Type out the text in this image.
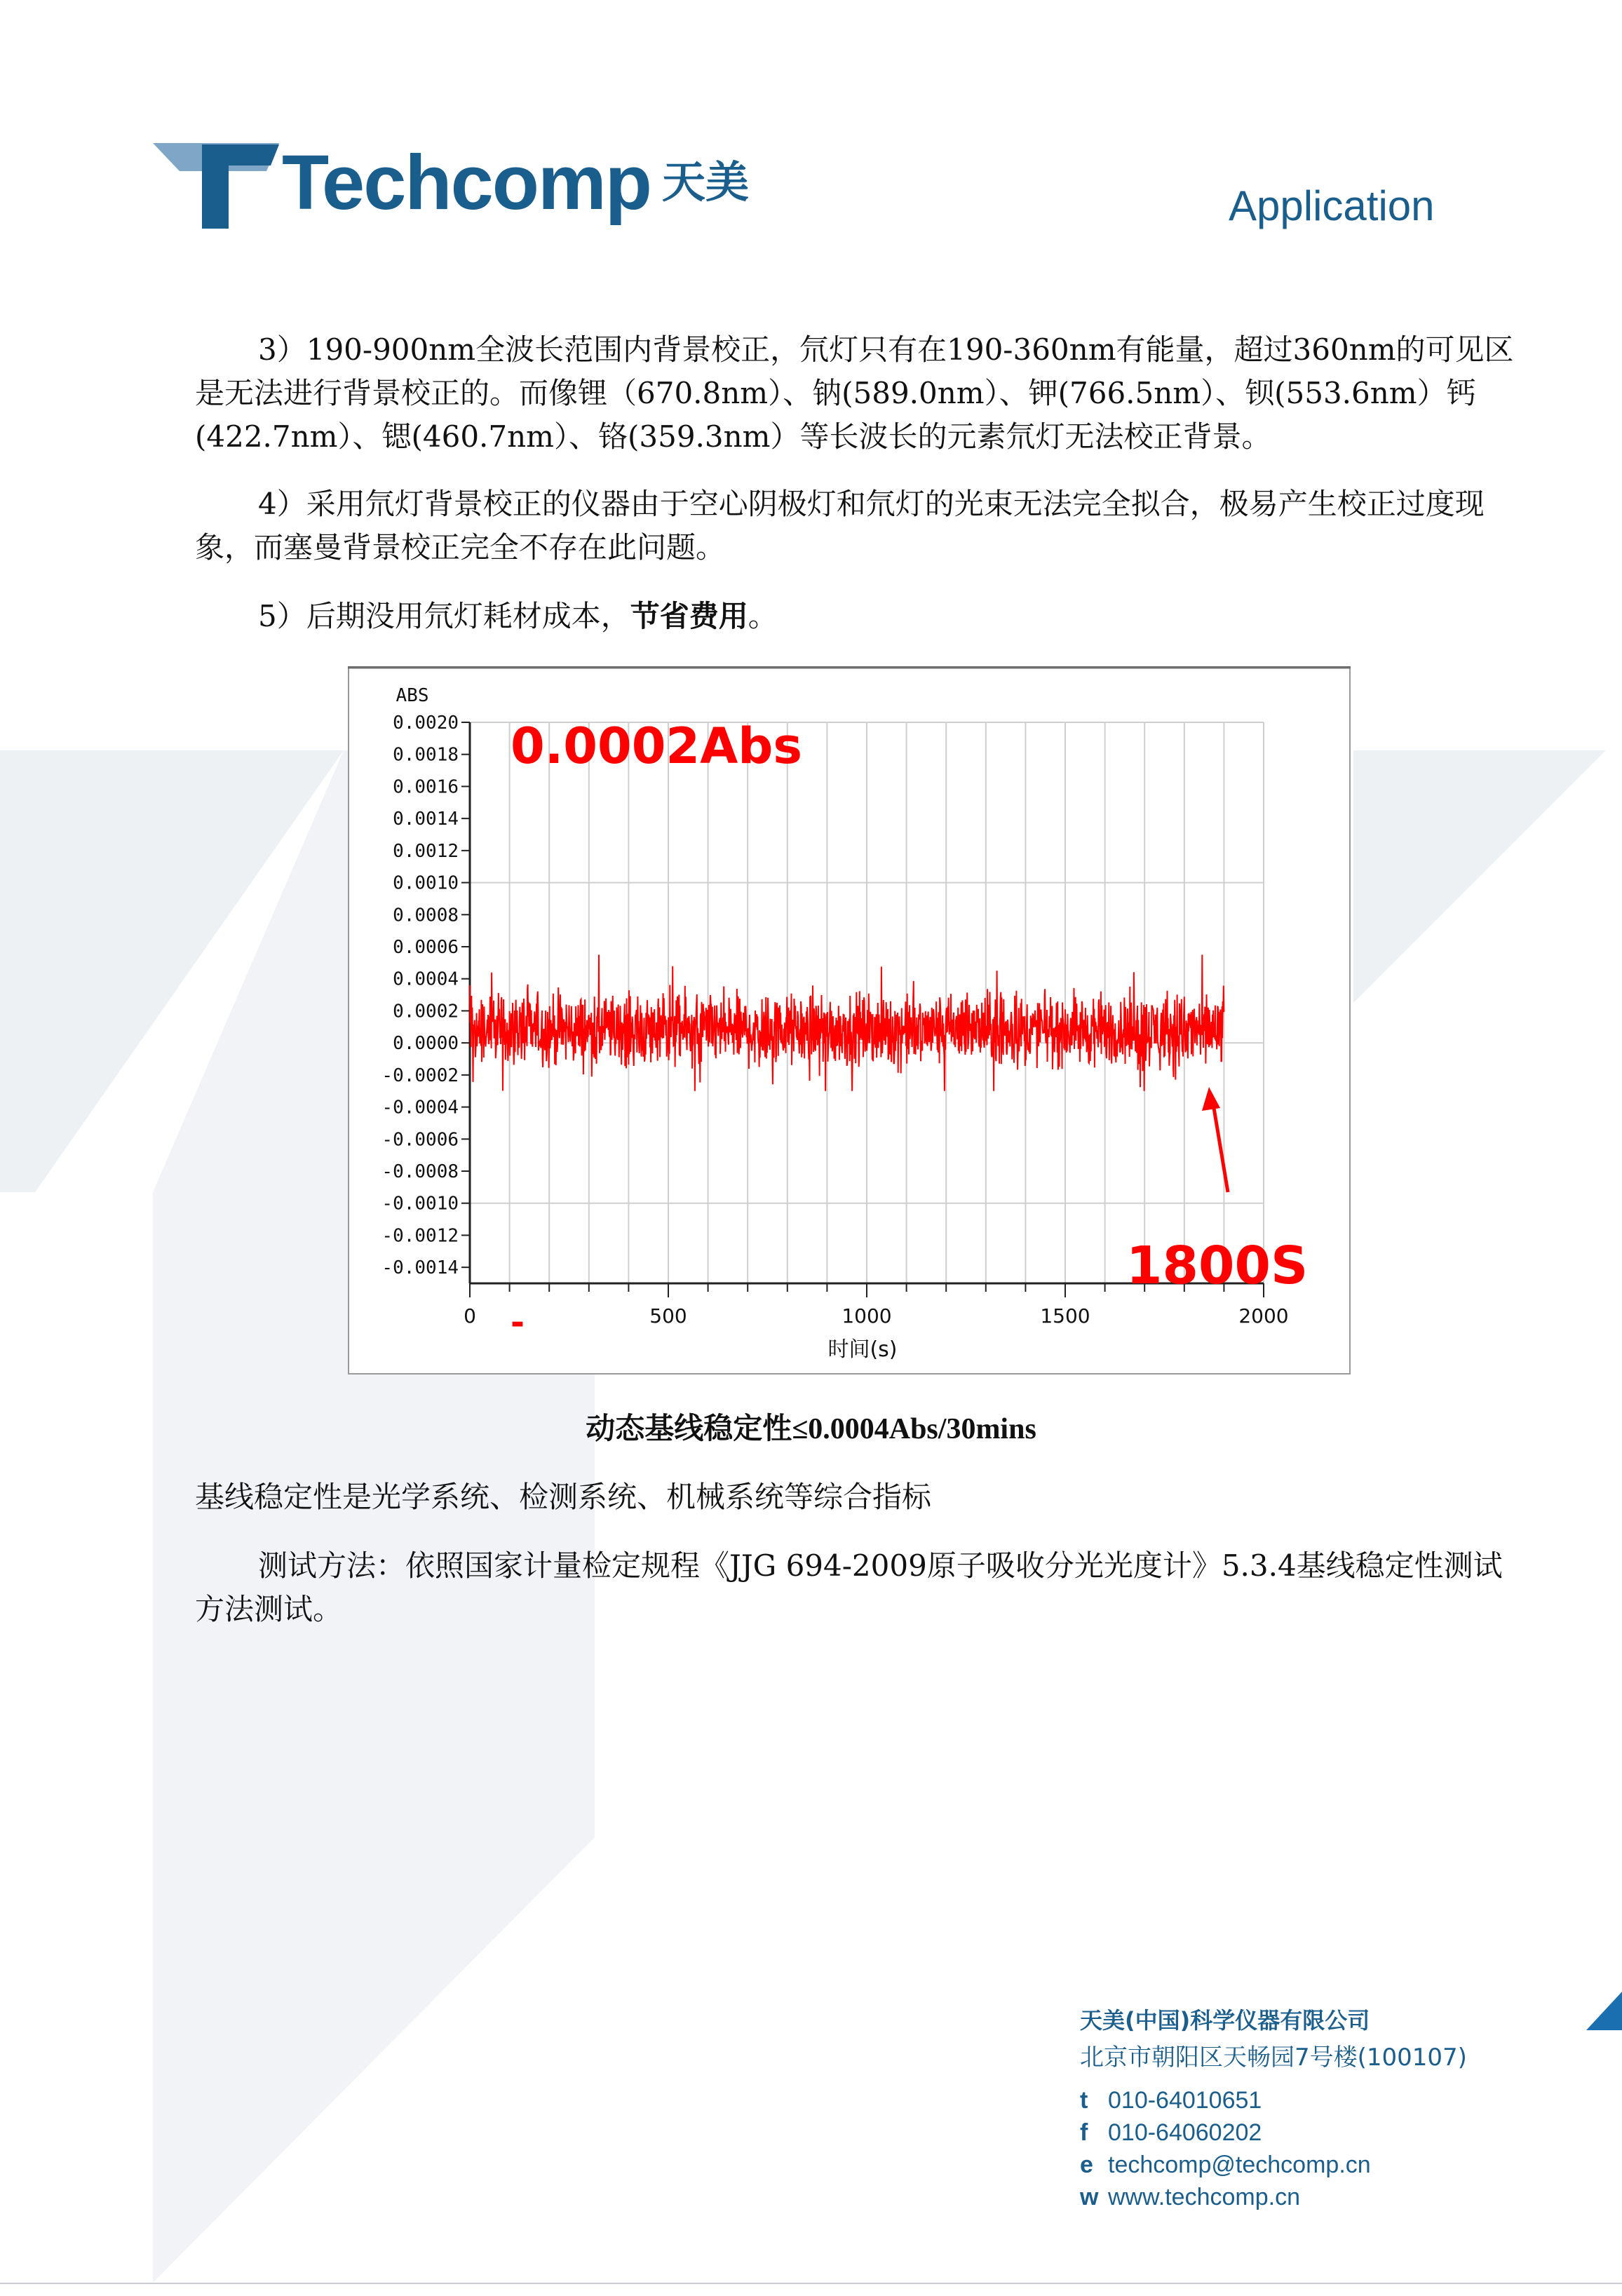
Techcomp 天美	Application
3）190-900nm全波长范围内背景校正，氘灯只有在190-360nm有能量，超过360nm的可见区是无法进行背景校正的。而像锂（670.8nm）、钠(589.0nm）、钾(766.5nm）、钡(553.6nm）钙(422.7nm）、锶(460.7nm）、铬(359.3nm）等长波长的元素氘灯无法校正背景。
4）采用氘灯背景校正的仪器由于空心阴极灯和氘灯的光束无法完全拟合，极易产生校正过度现象，而塞曼背景校正完全不存在此问题。
5）后期没用氘灯耗材成本，节省费用。
0.0020
0.0018
0.0016
0.0014
0.0012
0.0010
0.0008
0.0006
0.0004
0.0002
0.0000
-0.0002
-0.0004
-0.0006
-0.0008
-0.0010
-0.0012
-0.0014
0	500	1000	1500	2000
ABS
时间(s)
0.0002Abs
1800S
-
动态基线稳定性≤0.0004Abs/30mins
基线稳定性是光学系统、检测系统、机械系统等综合指标
测试方法：依照国家计量检定规程《JJG 694-2009原子吸收分光光度计》5.3.4基线稳定性测试方法测试。
天美(中国)科学仪器有限公司
北京市朝阳区天畅园7号楼(100107)
t 010-64010651
f 010-64060202
e techcomp@techcomp.cn
w www.techcomp.cn
